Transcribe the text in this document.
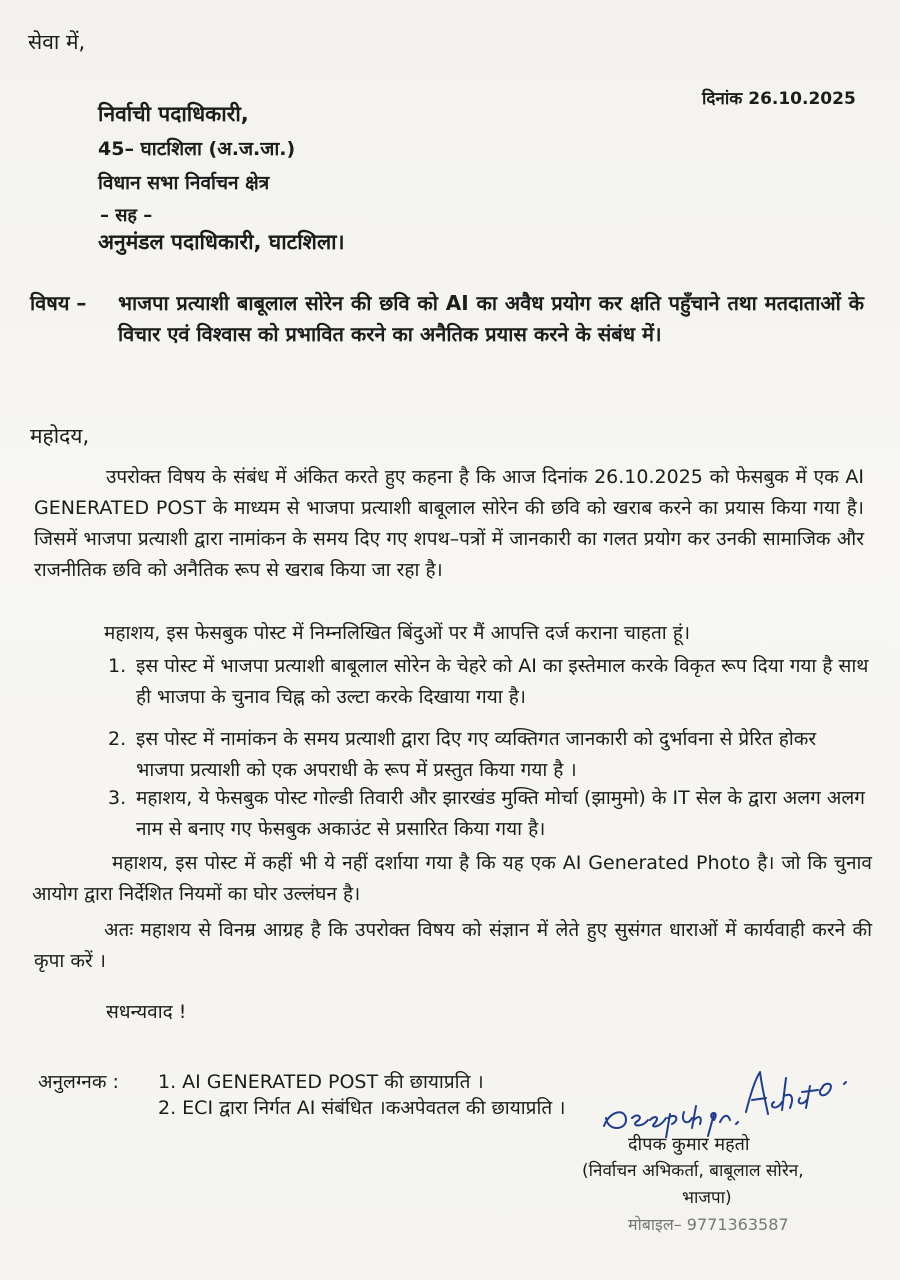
सेवा में,
दिनांक 26.10.2025
निर्वाची पदाधिकारी,
45– घाटशिला (अ.ज.जा.)
विधान सभा निर्वाचन क्षेत्र
– सह –
अनुमंडल पदाधिकारी, घाटशिला।
विषय – भाजपा प्रत्याशी बाबूलाल सोरेन की छवि को AI का अवैध प्रयोग कर क्षति पहुँचाने तथा मतदाताओं के विचार एवं विश्वास को प्रभावित करने का अनैतिक प्रयास करने के संबंध में।
महोदय,
उपरोक्त विषय के संबंध में अंकित करते हुए कहना है कि आज दिनांक 26.10.2025 को फेसबुक में एक AI GENERATED POST के माध्यम से भाजपा प्रत्याशी बाबूलाल सोरेन की छवि को खराब करने का प्रयास किया गया है। जिसमें भाजपा प्रत्याशी द्वारा नामांकन के समय दिए गए शपथ–पत्रों में जानकारी का गलत प्रयोग कर उनकी सामाजिक और राजनीतिक छवि को अनैतिक रूप से खराब किया जा रहा है।
महाशय, इस फेसबुक पोस्ट में निम्नलिखित बिंदुओं पर मैं आपत्ति दर्ज कराना चाहता हूं।
1. इस पोस्ट में भाजपा प्रत्याशी बाबूलाल सोरेन के चेहरे को AI का इस्तेमाल करके विकृत रूप दिया गया है साथ ही भाजपा के चुनाव चिह्न को उल्टा करके दिखाया गया है।
2. इस पोस्ट में नामांकन के समय प्रत्याशी द्वारा दिए गए व्यक्तिगत जानकारी को दुर्भावना से प्रेरित होकर भाजपा प्रत्याशी को एक अपराधी के रूप में प्रस्तुत किया गया है ।
3. महाशय, ये फेसबुक पोस्ट गोल्डी तिवारी और झारखंड मुक्ति मोर्चा (झामुमो) के IT सेल के द्वारा अलग अलग नाम से बनाए गए फेसबुक अकाउंट से प्रसारित किया गया है।
महाशय, इस पोस्ट में कहीं भी ये नहीं दर्शाया गया है कि यह एक AI Generated Photo है। जो कि चुनाव आयोग द्वारा निर्देशित नियमों का घोर उल्लंघन है।
अतः महाशय से विनम्र आग्रह है कि उपरोक्त विषय को संज्ञान में लेते हुए सुसंगत धाराओं में कार्यवाही करने की कृपा करें ।
सधन्यवाद !
अनुलग्नक : 1. AI GENERATED POST की छायाप्रति ।
2. ECI द्वारा निर्गत AI संबंधित ।कअपेवतल की छायाप्रति ।
दीपक कुमार महतो
(निर्वाचन अभिकर्ता, बाबूलाल सोरेन,
भाजपा)
मोबाइल– 9771363587
